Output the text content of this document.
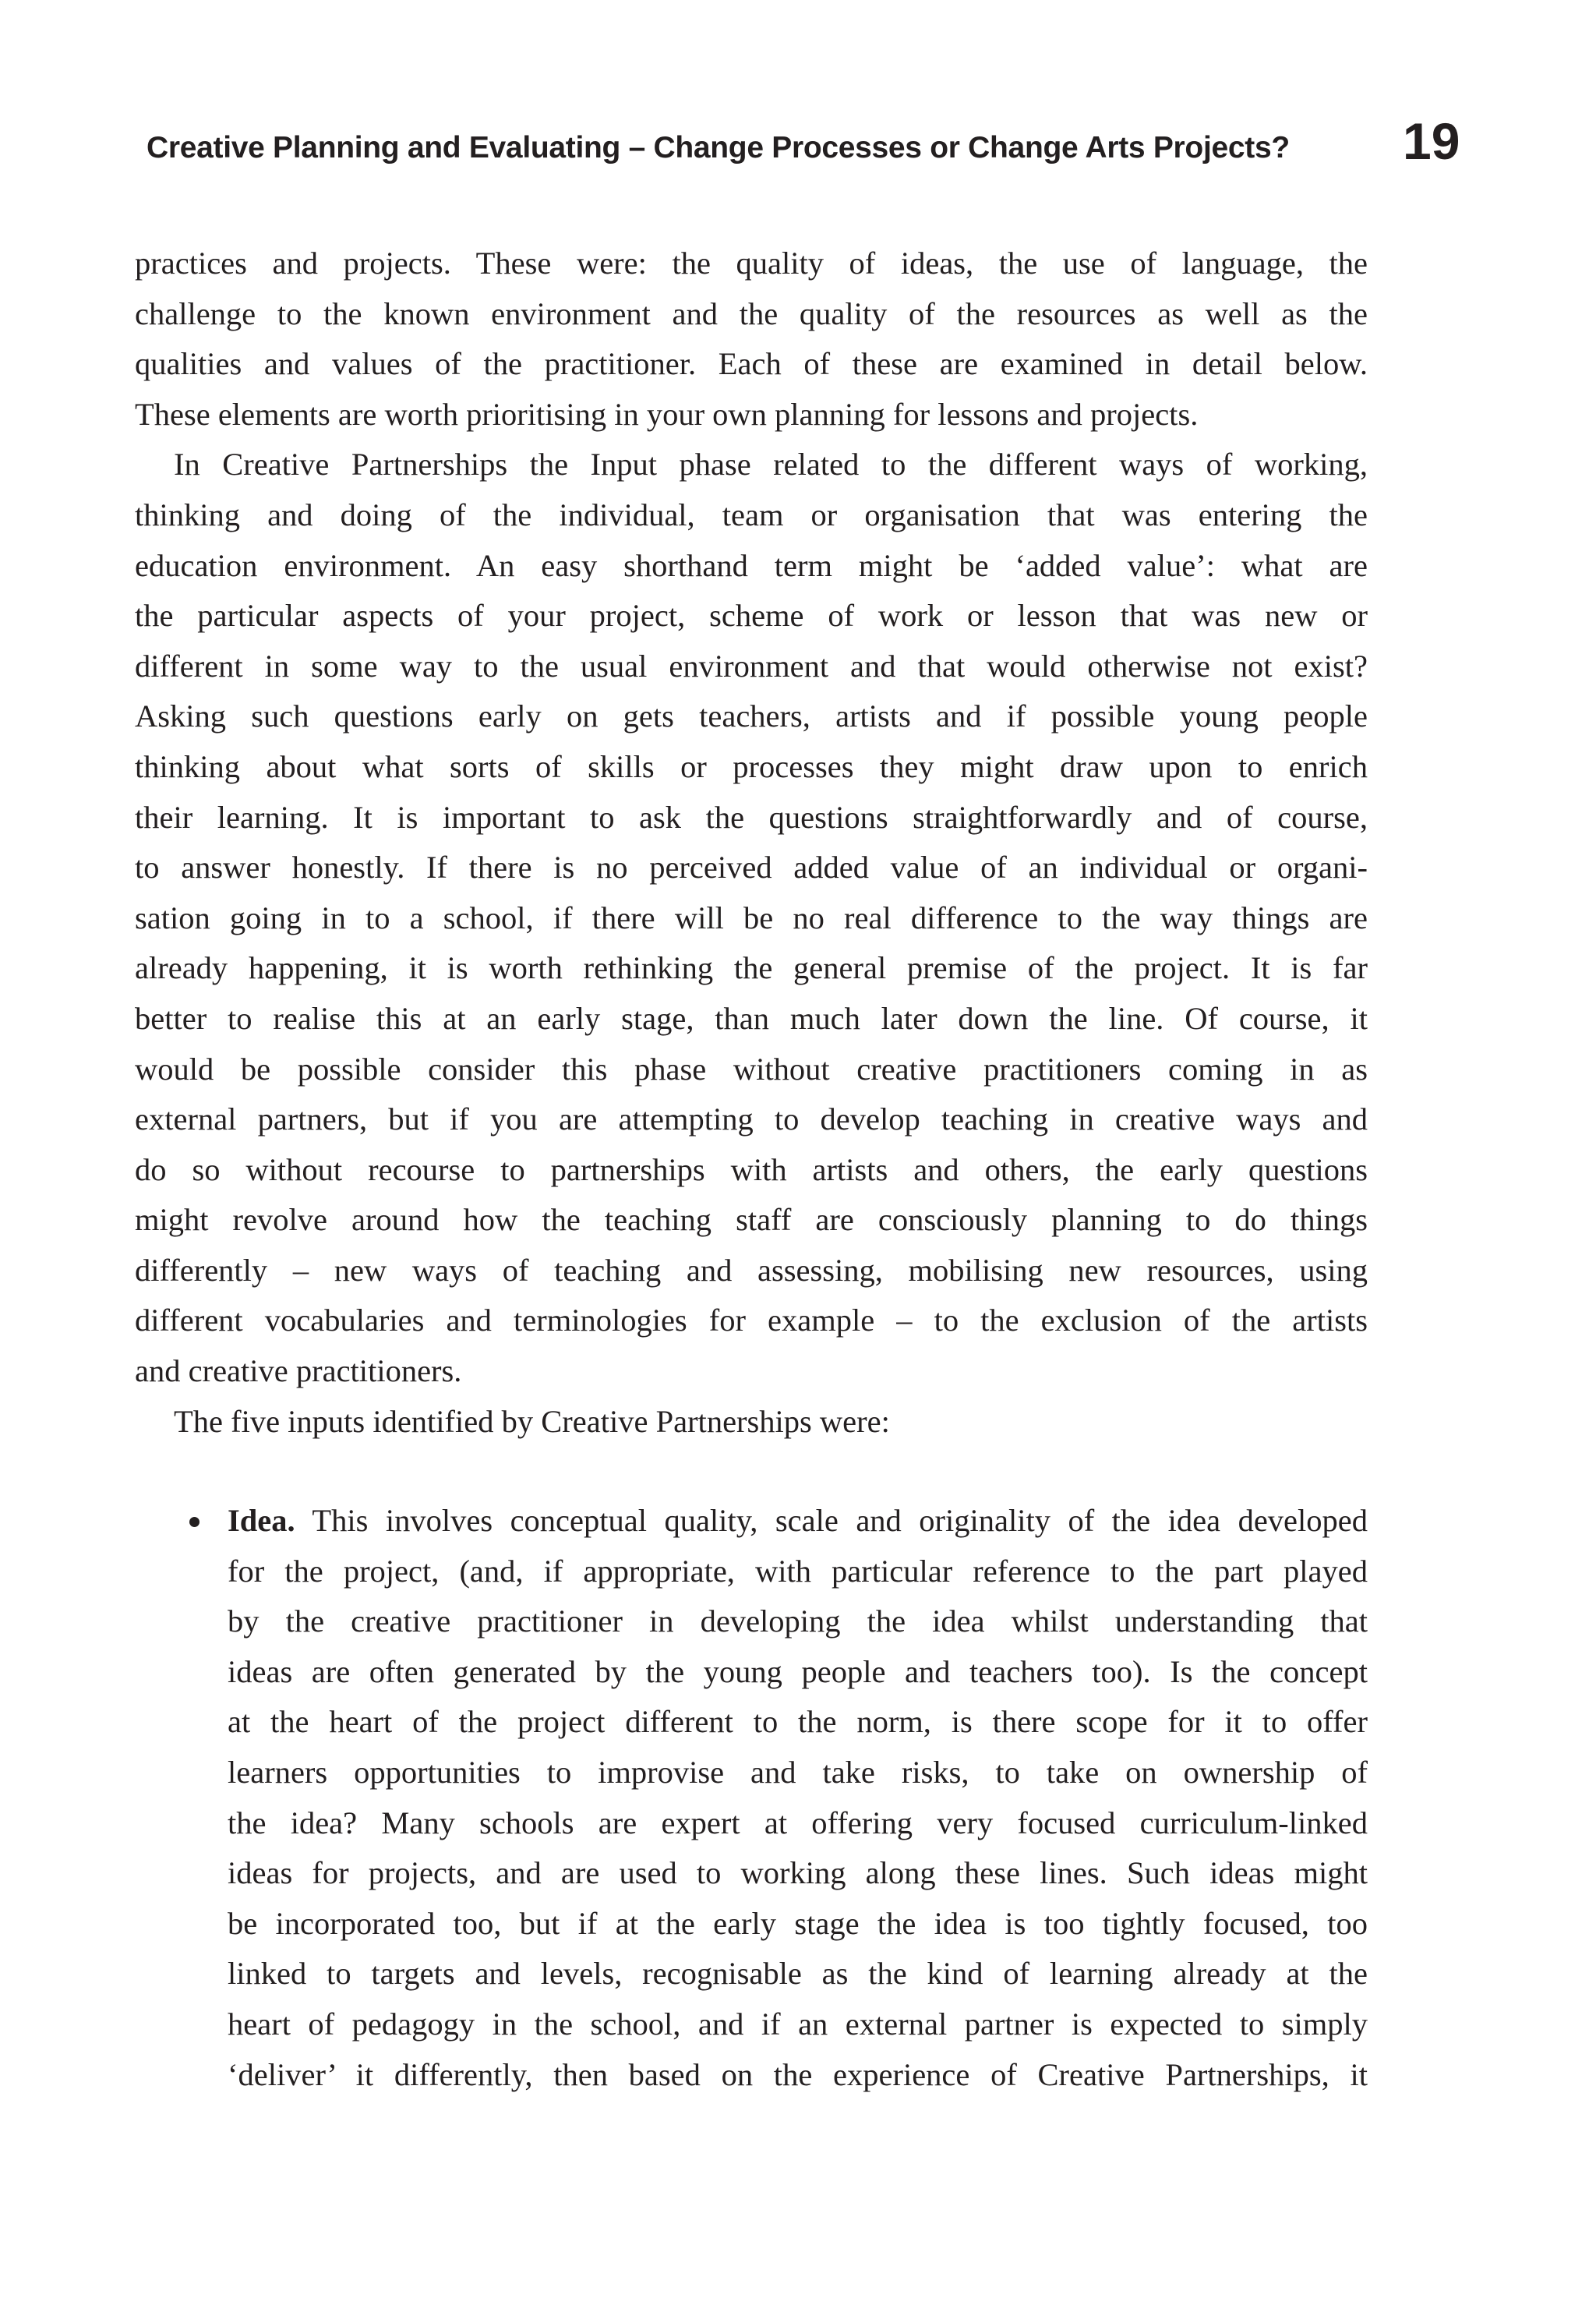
Creative Planning and Evaluating – Change Processes or Change Arts Projects? 19
practices and projects. These were: the quality of ideas, the use of language, the
challenge to the known environment and the quality of the resources as well as the
qualities and values of the practitioner. Each of these are examined in detail below.
These elements are worth prioritising in your own planning for lessons and projects.
In Creative Partnerships the Input phase related to the different ways of working,
thinking and doing of the individual, team or organisation that was entering the
education environment. An easy shorthand term might be ‘added value’: what are
the particular aspects of your project, scheme of work or lesson that was new or
different in some way to the usual environment and that would otherwise not exist?
Asking such questions early on gets teachers, artists and if possible young people
thinking about what sorts of skills or processes they might draw upon to enrich
their learning. It is important to ask the questions straightforwardly and of course,
to answer honestly. If there is no perceived added value of an individual or organi-
sation going in to a school, if there will be no real difference to the way things are
already happening, it is worth rethinking the general premise of the project. It is far
better to realise this at an early stage, than much later down the line. Of course, it
would be possible consider this phase without creative practitioners coming in as
external partners, but if you are attempting to develop teaching in creative ways and
do so without recourse to partnerships with artists and others, the early questions
might revolve around how the teaching staff are consciously planning to do things
differently – new ways of teaching and assessing, mobilising new resources, using
different vocabularies and terminologies for example – to the exclusion of the artists
and creative practitioners.
The five inputs identified by Creative Partnerships were:
Idea. This involves conceptual quality, scale and originality of the idea developed
for the project, (and, if appropriate, with particular reference to the part played
by the creative practitioner in developing the idea whilst understanding that
ideas are often generated by the young people and teachers too). Is the concept
at the heart of the project different to the norm, is there scope for it to offer
learners opportunities to improvise and take risks, to take on ownership of
the idea? Many schools are expert at offering very focused curriculum-linked
ideas for projects, and are used to working along these lines. Such ideas might
be incorporated too, but if at the early stage the idea is too tightly focused, too
linked to targets and levels, recognisable as the kind of learning already at the
heart of pedagogy in the school, and if an external partner is expected to simply
‘deliver’ it differently, then based on the experience of Creative Partnerships, it
